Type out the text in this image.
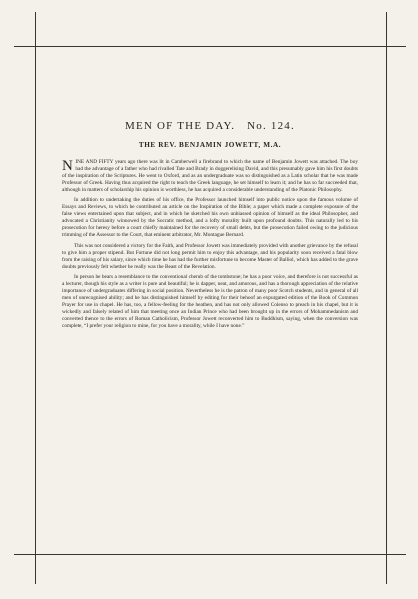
MEN OF THE DAY. No. 124.
THE REV. BENJAMIN JOWETT, M.A.

NINE AND FIFTY years ago there was lit in Camberwell a firebrand to which the name of Benjamin Jowett was attached. The boy had the advantage of a father who had rivalled Tate and Brady in doggerelising David, and this presumably gave him his first doubts of the inspiration of the Scriptures. He went to Oxford, and as an undergraduate was so distinguished as a Latin scholar that he was made Professor of Greek. Having thus acquired the right to teach the Greek language, he set himself to learn it; and he has so far succeeded that, although in matters of scholarship his opinion is worthless, he has acquired a considerable understanding of the Platonic Philosophy.

In addition to undertaking the duties of his office, the Professor launched himself into public notice upon the famous volume of Essays and Reviews, to which he contributed an article on the Inspiration of the Bible; a paper which made a complete exposure of the false views entertained upon that subject, and in which he sketched his own unbiassed opinion of himself as the ideal Philosopher, and advocated a Christianity winnowed by the Socratic method, and a lofty morality built upon profound doubts. This naturally led to his prosecution for heresy before a court chiefly maintained for the recovery of small debts, but the prosecution failed owing to the judicious trimming of the Assessor to the Court, that eminent arbitrator, Mr. Montague Bernard.

This was not considered a victory for the Faith, and Professor Jowett was immediately provided with another grievance by the refusal to give him a proper stipend. But Fortune did not long permit him to enjoy this advantage, and his popularity soon received a fatal blow from the raising of his salary, since which time he has had the further misfortune to become Master of Balliol, which has added to the grave doubts previously felt whether he really was the Beast of the Revelation.

In person he bears a resemblance to the conventional cherub of the tombstone; he has a poor voice, and therefore is not successful as a lecturer, though his style as a writer is pure and beautiful; he is dapper, neat, and amorous, and has a thorough appreciation of the relative importance of undergraduates differing in social position. Nevertheless he is the patron of many poor Scotch students, and in general of all men of unrecognised ability; and he has distinguished himself by editing for their behoof an expurgated edition of the Book of Common Prayer for use in chapel. He has, too, a fellow-feeling for the heathen, and has not only allowed Colenso to preach in his chapel, but it is wickedly and falsely related of him that meeting once an Indian Prince who had been brought up in the errors of Mohammedanism and converted thence to the errors of Roman Catholicism, Professor Jowett reconverted him to Buddhism, saying, when the conversion was complete, “I prefer your religion to mine, for you have a morality, while I have none.”
